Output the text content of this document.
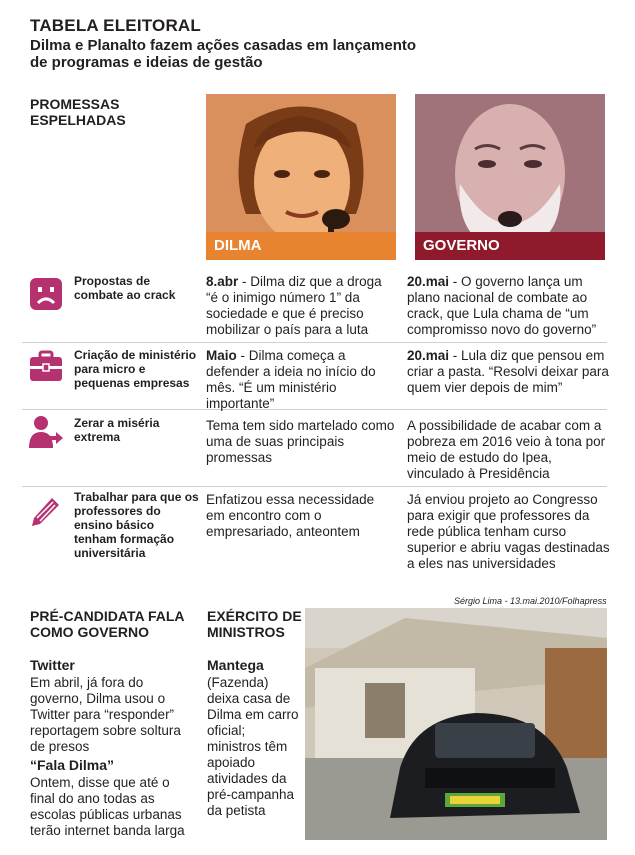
TABELA ELEITORAL
Dilma e Planalto fazem ações casadas em lançamento de programas e ideias de gestão
PROMESSAS ESPELHADAS
DILMA	GOVERNO
Propostas de combate ao crack
8.abr - Dilma diz que a droga “é o inimigo número 1” da sociedade e que é preciso mobilizar o país para a luta
20.mai - O governo lança um plano nacional de combate ao crack, que Lula chama de “um compromisso novo do governo”
Criação de ministério para micro e pequenas empresas
Maio - Dilma começa a defender a ideia no início do mês. “É um ministério importante”
20.mai - Lula diz que pensou em criar a pasta. “Resolvi deixar para quem vier depois de mim”
Zerar a miséria extrema
Tema tem sido martelado como uma de suas principais promessas
A possibilidade de acabar com a pobreza em 2016 veio à tona por meio de estudo do Ipea, vinculado à Presidência
Trabalhar para que os professores do ensino básico tenham formação universitária
Enfatizou essa necessidade em encontro com o empresariado, anteontem
Já enviou projeto ao Congresso para exigir que professores da rede pública tenham curso superior e abriu vagas destinadas a eles nas universidades
PRÉ-CANDIDATA FALA COMO GOVERNO
Twitter
Em abril, já fora do governo, Dilma usou o Twitter para “responder” reportagem sobre soltura de presos
“Fala Dilma”
Ontem, disse que até o final do ano todas as escolas públicas urbanas terão internet banda larga
EXÉRCITO DE MINISTROS
Mantega
(Fazenda) deixa casa de Dilma em carro oficial; ministros têm apoiado atividades da pré-campanha da petista
Sérgio Lima - 13.mai.2010/Folhapress
